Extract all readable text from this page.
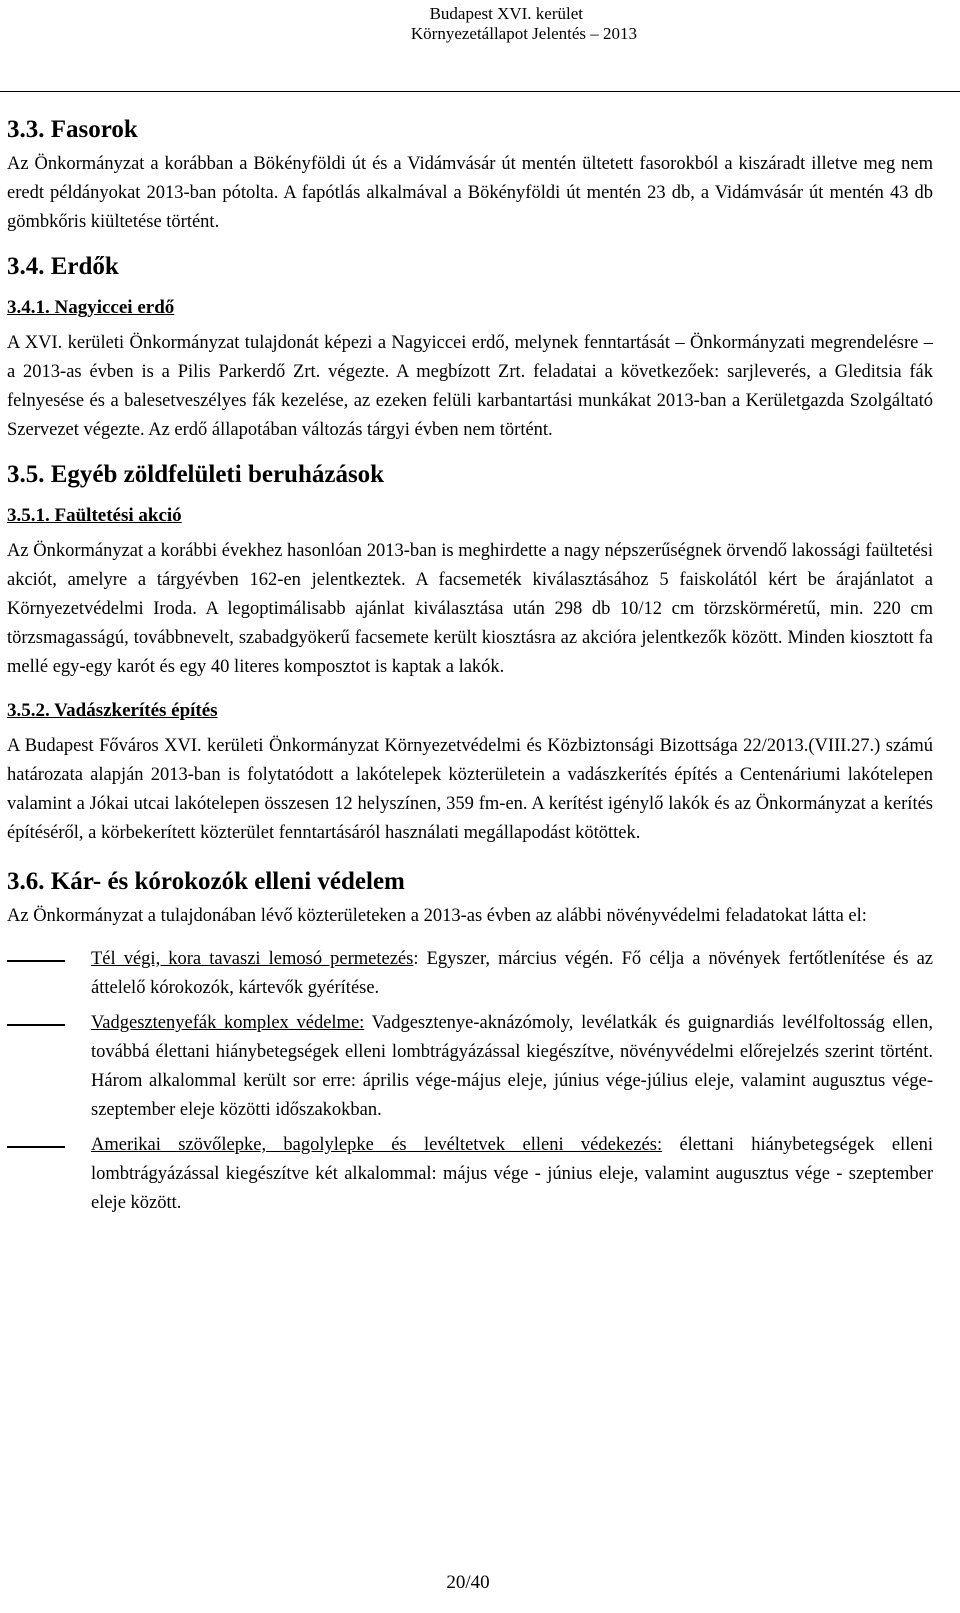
Budapest XVI. kerület
Környezetállapot Jelentés – 2013
3.3. Fasorok

Az Önkormányzat a korábban a Bökényföldi út és a Vidámvásár út mentén ültetett fasorokból a kiszáradt illetve meg nem eredt példányokat 2013-ban pótolta. A fapótlás alkalmával a Bökényföldi út mentén 23 db, a Vidámvásár út mentén 43 db gömbkőris kiültetése történt.

3.4. Erdők
3.4.1. Nagyiccei erdő

A XVI. kerületi Önkormányzat tulajdonát képezi a Nagyiccei erdő, melynek fenntartását – Önkormányzati megrendelésre – a 2013-as évben is a Pilis Parkerdő Zrt. végezte. A megbízott Zrt. feladatai a következőek: sarjleverés, a Gleditsia fák felnyesése és a balesetveszélyes fák kezelése, az ezeken felüli karbantartási munkákat 2013-ban a Kerületgazda Szolgáltató Szervezet végezte. Az erdő állapotában változás tárgyi évben nem történt.

3.5. Egyéb zöldfelületi beruházások
3.5.1. Faültetési akció

Az Önkormányzat a korábbi évekhez hasonlóan 2013-ban is meghirdette a nagy népszerűségnek örvendő lakossági faültetési akciót, amelyre a tárgyévben 162-en jelentkeztek. A facsemeték kiválasztásához 5 faiskolától kért be árajánlatot a Környezetvédelmi Iroda. A legoptimálisabb ajánlat kiválasztása után 298 db 10/12 cm törzskörméretű, min. 220 cm törzsmagasságú, továbbnevelt, szabadgyökerű facsemete került kiosztásra az akcióra jelentkezők között. Minden kiosztott fa mellé egy-egy karót és egy 40 literes komposztot is kaptak a lakók.

3.5.2. Vadászkerítés építés

A Budapest Főváros XVI. kerületi Önkormányzat Környezetvédelmi és Közbiztonsági Bizottsága 22/2013.(VIII.27.) számú határozata alapján 2013-ban is folytatódott a lakótelepek közterületein a vadászkerítés építés a Centenáriumi lakótelepen valamint a Jókai utcai lakótelepen összesen 12 helyszínen, 359 fm-en. A kerítést igénylő lakók és az Önkormányzat a kerítés építéséről, a körbekerített közterület fenntartásáról használati megállapodást kötöttek.

3.6. Kár- és kórokozók elleni védelem

Az Önkormányzat a tulajdonában lévő közterületeken a 2013-as évben az alábbi növényvédelmi feladatokat látta el:

Tél végi, kora tavaszi lemosó permetezés: Egyszer, március végén. Fő célja a növények fertőtlenítése és az áttelelő kórokozók, kártevők gyérítése.
Vadgesztenyefák komplex védelme: Vadgesztenye-aknázómoly, levélatkák és guignardiás levélfoltosság ellen, továbbá élettani hiánybetegségek elleni lombtrágyázással kiegészítve, növényvédelmi előrejelzés szerint történt. Három alkalommal került sor erre: április vége-május eleje, június vége-július eleje, valamint augusztus vége-szeptember eleje közötti időszakokban.
Amerikai szövőlepke, bagolylepke és levéltetvek elleni védekezés: élettani hiánybetegségek elleni lombtrágyázással kiegészítve két alkalommal: május vége - június eleje, valamint augusztus vége - szeptember eleje között.
20/40
